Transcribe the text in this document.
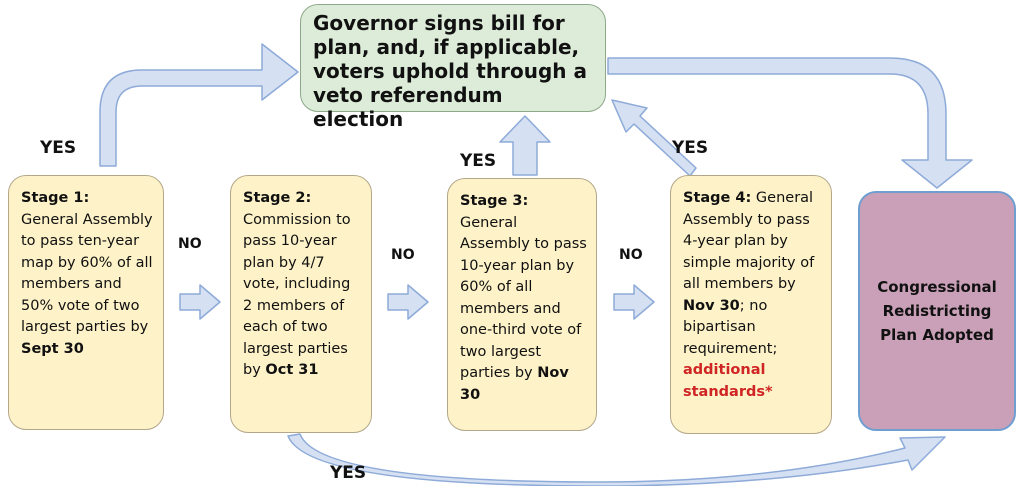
Governor signs bill for plan, and, if applicable, voters uphold through a veto referendum election
Stage 1:
General Assembly to pass ten-year map by 60% of all members and 50% vote of two largest parties by Sept 30
Stage 2:
Commission to pass 10-year plan by 4/7 vote, including 2 members of each of two largest parties by Oct 31
Stage 3:
General Assembly to pass 10-year plan by 60% of all members and one-third vote of two largest parties by Nov 30
Stage 4: General Assembly to pass 4-year plan by simple majority of all members by Nov 30; no bipartisan requirement; additional standards*
Congressional Redistricting Plan Adopted
YES
YES
YES
YES
NO
NO	NO
